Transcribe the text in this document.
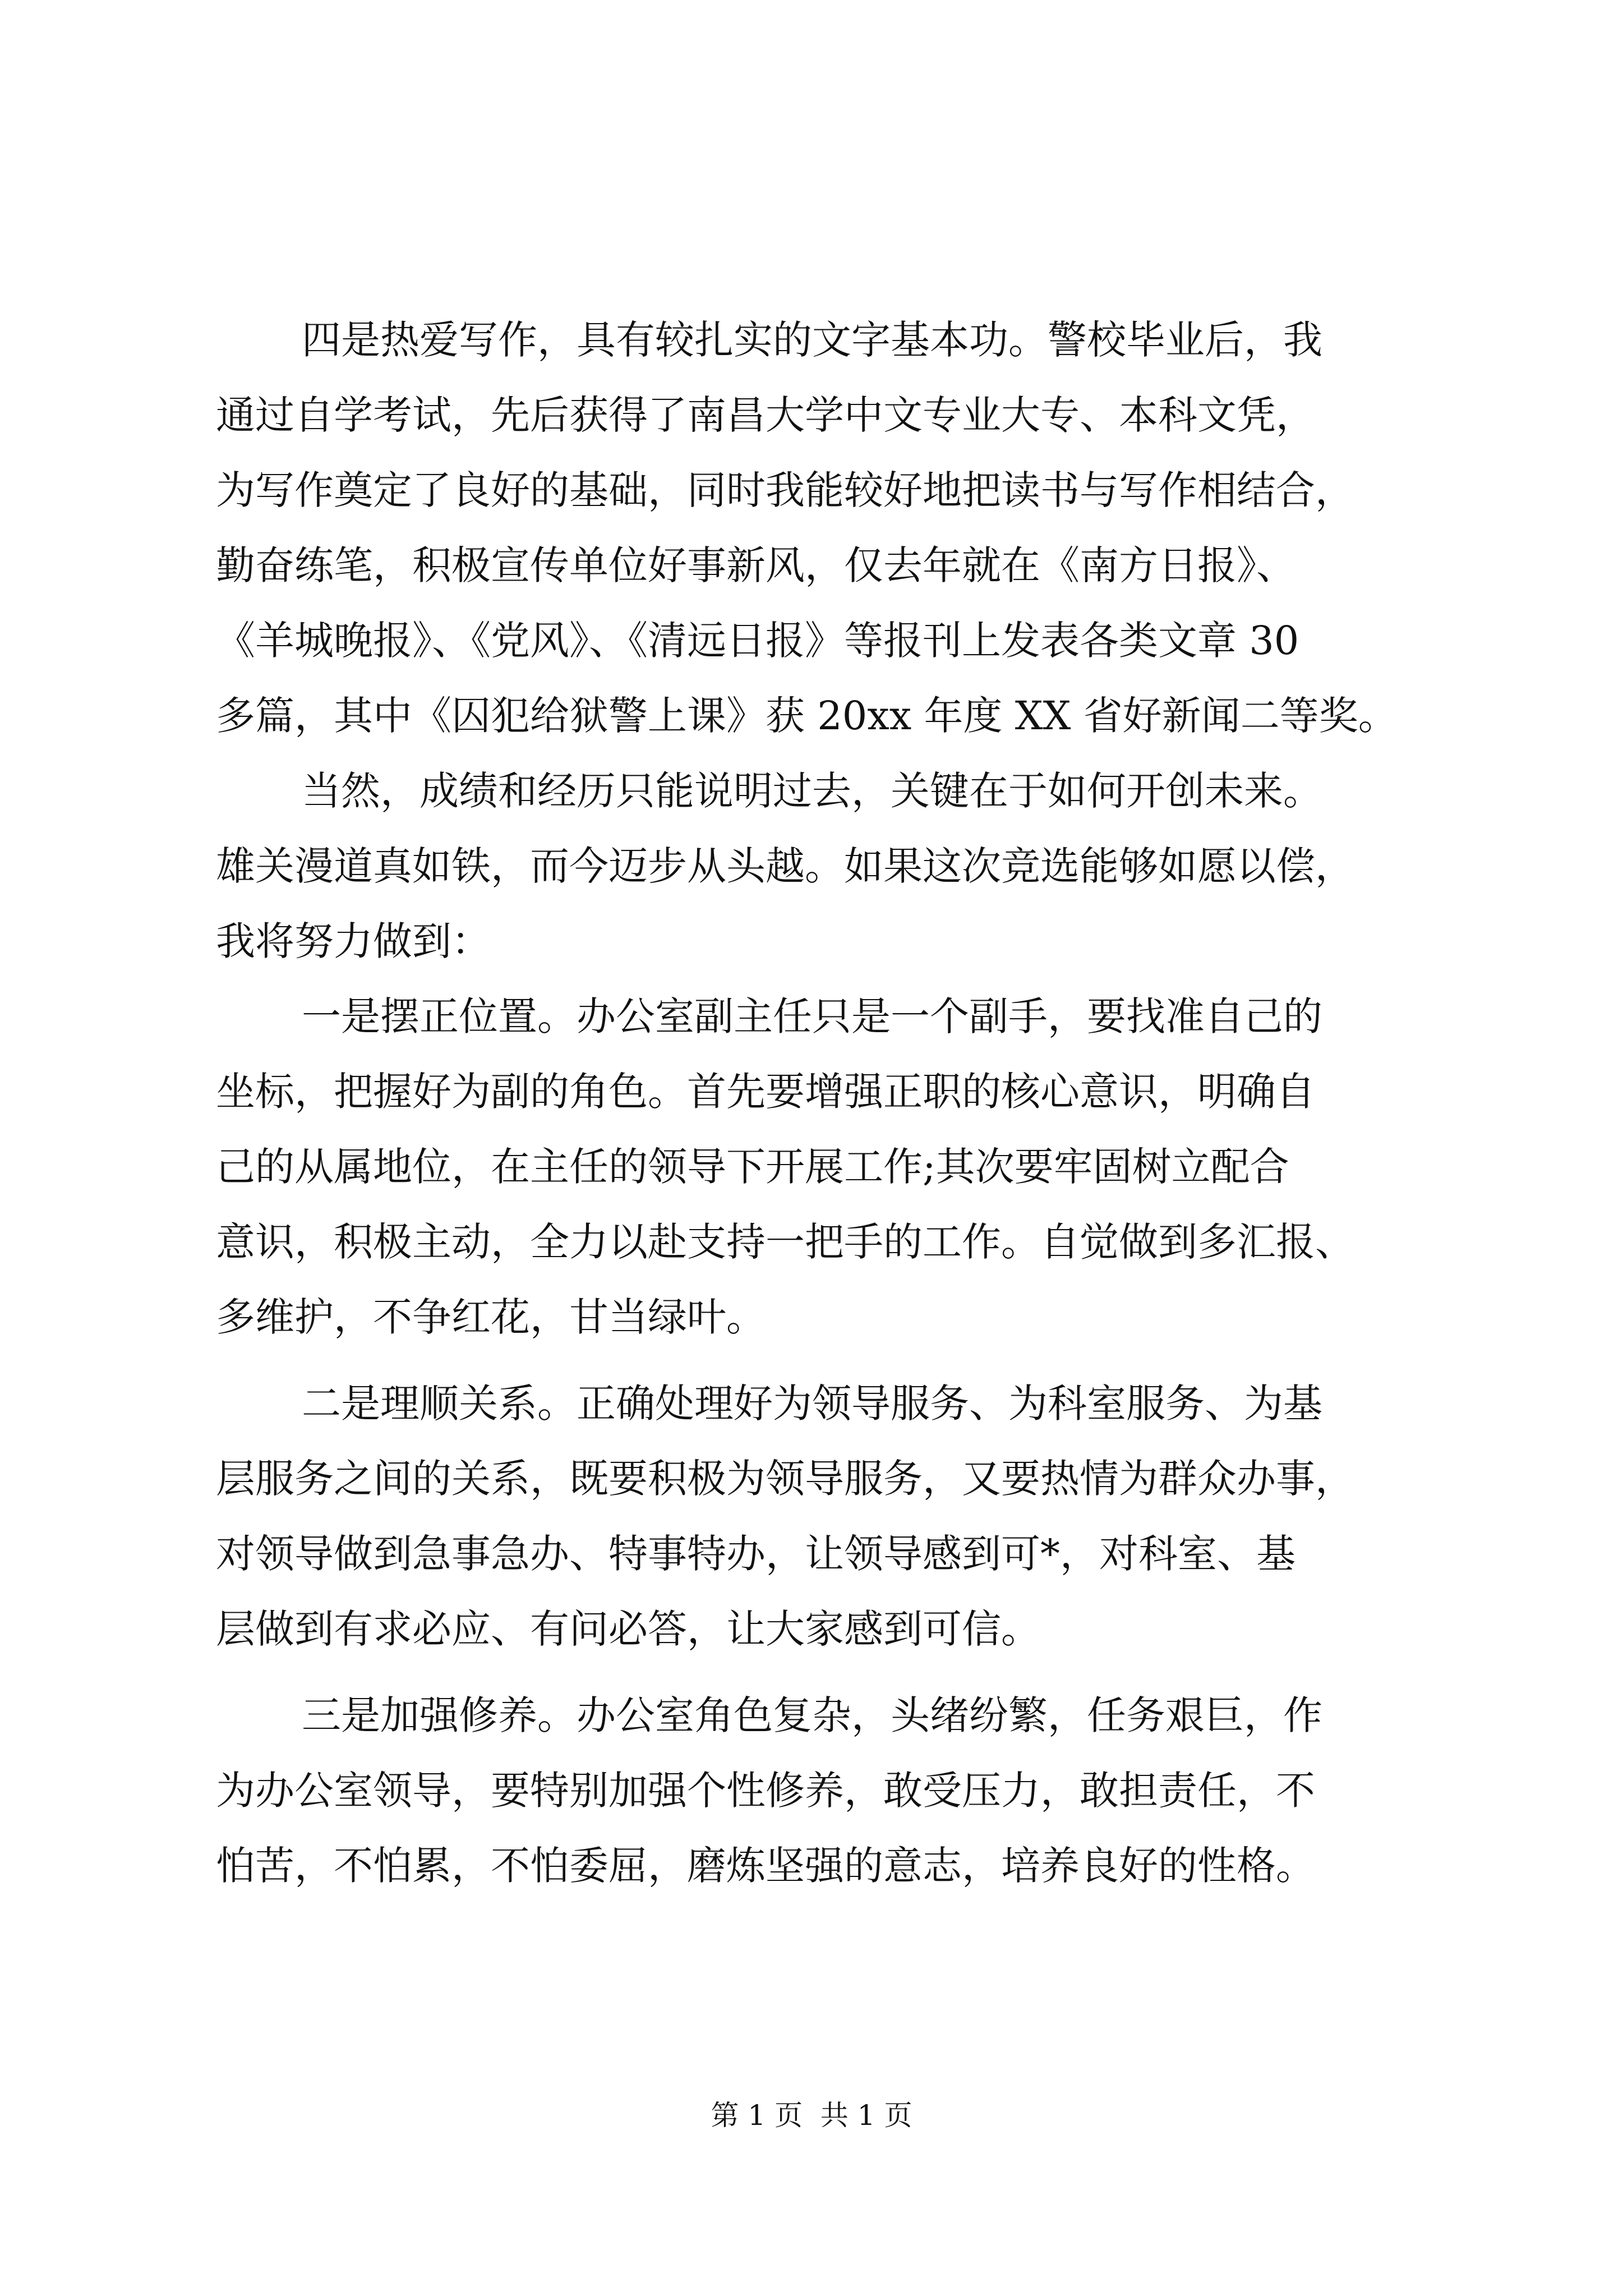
四是热爱写作，具有较扎实的文字基本功。警校毕业后，我
通过自学考试，先后获得了南昌大学中文专业大专、本科文凭，
为写作奠定了良好的基础，同时我能较好地把读书与写作相结合，
勤奋练笔，积极宣传单位好事新风，仅去年就在《南方日报》、
《羊城晚报》、《党风》、《清远日报》等报刊上发表各类文章 30
多篇，其中《囚犯给狱警上课》获 20xx 年度 XX 省好新闻二等奖。
当然，成绩和经历只能说明过去，关键在于如何开创未来。
雄关漫道真如铁，而今迈步从头越。如果这次竞选能够如愿以偿，
我将努力做到：
一是摆正位置。办公室副主任只是一个副手，要找准自己的
坐标，把握好为副的角色。首先要增强正职的核心意识，明确自
己的从属地位，在主任的领导下开展工作;其次要牢固树立配合
意识，积极主动，全力以赴支持一把手的工作。自觉做到多汇报、
多维护，不争红花，甘当绿叶。
二是理顺关系。正确处理好为领导服务、为科室服务、为基
层服务之间的关系，既要积极为领导服务，又要热情为群众办事，
对领导做到急事急办、特事特办，让领导感到可*，对科室、基
层做到有求必应、有问必答，让大家感到可信。
三是加强修养。办公室角色复杂，头绪纷繁，任务艰巨，作
为办公室领导，要特别加强个性修养，敢受压力，敢担责任，不
怕苦，不怕累，不怕委屈，磨炼坚强的意志，培养良好的性格。
第 1 页  共 1 页
